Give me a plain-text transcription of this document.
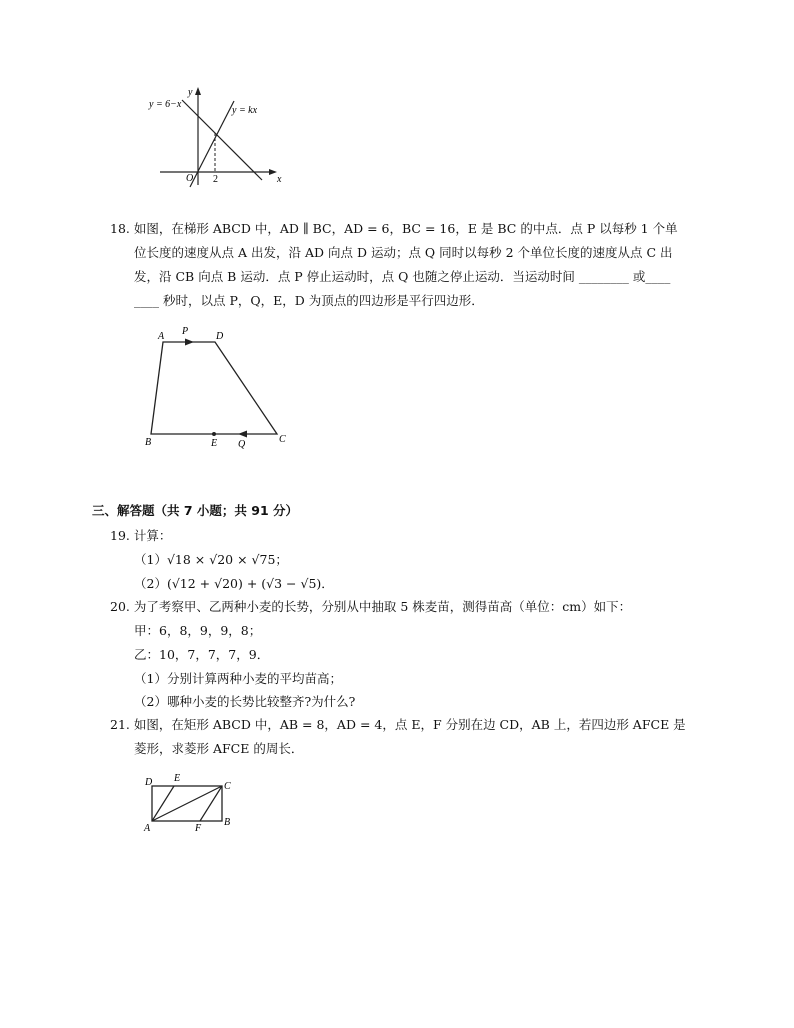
y = 6−x
y = kx
y
x
O 2
18. 如图，在梯形 ABCD 中，AD ∥ BC，AD = 6，BC = 16，E 是 BC 的中点．点 P 以每秒 1 个单
位长度的速度从点 A 出发，沿 AD 向点 D 运动；点 Q 同时以每秒 2 个单位长度的速度从点 C 出
发，沿 CB 向点 B 运动．点 P 停止运动时，点 Q 也随之停止运动．当运动时间 ________ 或____
____ 秒时，以点 P，Q，E，D 为顶点的四边形是平行四边形．
A P	D
B	E Q	C
三、解答题（共 7 小题；共 91 分）
19. 计算：
（1）√18 × √20 × √75；
（2）(√12 + √20) + (√3 − √5)．
20. 为了考察甲、乙两种小麦的长势，分别从中抽取 5 株麦苗，测得苗高（单位：cm）如下：
甲：6，8，9，9，8；
乙：10，7，7，7，9．
（1）分别计算两种小麦的平均苗高；
（2）哪种小麦的长势比较整齐?为什么?
21. 如图，在矩形 ABCD 中，AB = 8，AD = 4，点 E，F 分别在边 CD，AB 上，若四边形 AFCE 是
菱形，求菱形 AFCE 的周长．
D E
C
A	F
B
